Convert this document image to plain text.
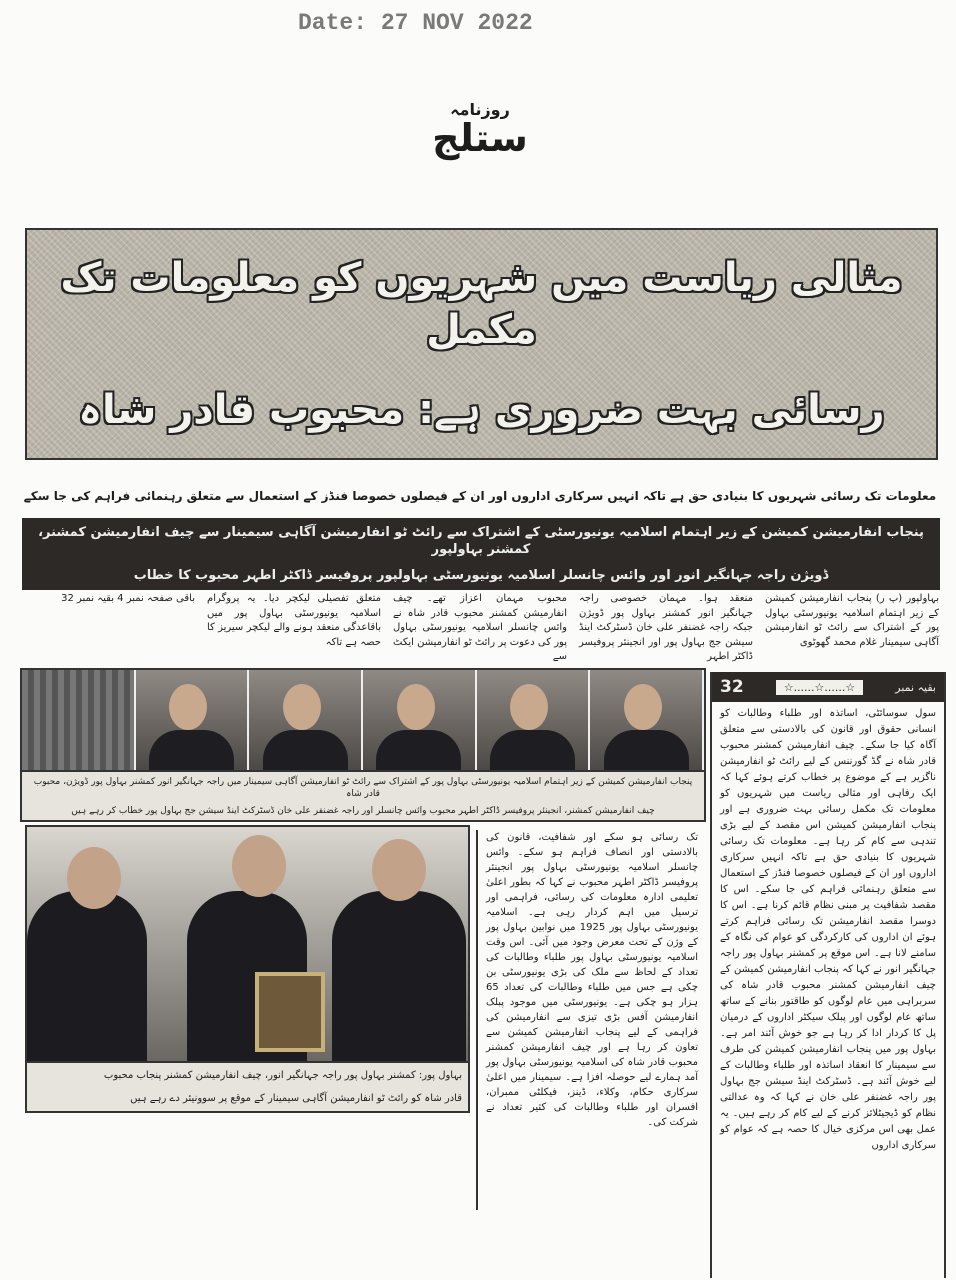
Date: 27 NOV 2022
روزنامہ
ستلج
مثالی ریاست میں شہریوں کو معلومات تک مکمل
رسائی بہت ضروری ہے: محبوب قادر شاہ
معلومات تک رسائی شہریوں کا بنیادی حق ہے تاکہ انہیں سرکاری اداروں اور ان کے فیصلوں خصوصا فنڈز کے استعمال سے متعلق رہنمائی فراہم کی جا سکے
پنجاب انفارمیشن کمیشن کے زیر اہتمام اسلامیہ یونیورسٹی کے اشتراک سے رائٹ ٹو انفارمیشن آگاہی سیمینار سے چیف انفارمیشن کمشنر، کمشنر بہاولپور
ڈویژن راجہ جہانگیر انور اور وائس چانسلر اسلامیہ یونیورسٹی بہاولپور پروفیسر ڈاکٹر اطہر محبوب کا خطاب
بہاولپور (پ ر) پنجاب انفارمیشن کمیشن کے زیر اہتمام اسلامیہ یونیورسٹی بہاول پور کے اشتراک سے رائٹ ٹو انفارمیشن آگاہی سیمینار غلام محمد گھوٹوی
منعقد ہوا۔ مہمان خصوصی راجہ جہانگیر انور کمشنر بہاول پور ڈویژن جبکہ راجہ غضنفر علی خان ڈسٹرکٹ اینڈ سیشن جج بہاول پور اور انجینئر پروفیسر ڈاکٹر اطہر
محبوب مہمان اعزاز تھے۔ چیف انفارمیشن کمشنر محبوب قادر شاہ نے وائس چانسلر اسلامیہ یونیورسٹی بہاول پور کی دعوت پر رائٹ ٹو انفارمیشن ایکٹ سے
متعلق تفصیلی لیکچر دیا۔ یہ پروگرام اسلامیہ یونیورسٹی بہاول پور میں باقاعدگی منعقد ہونے والے لیکچر سیریز کا حصہ ہے تاکہ
باقی صفحہ نمبر 4 بقیہ نمبر 32
پنجاب انفارمیشن کمیشن کے زیر اہتمام اسلامیہ یونیورسٹی بہاول پور کے اشتراک سے رائٹ ٹو انفارمیشن آگاہی سیمینار میں راجہ جہانگیر انور کمشنر بہاول پور ڈویژن، محبوب قادر شاہ
چیف انفارمیشن کمشنر، انجینئر پروفیسر ڈاکٹر اطہر محبوب وائس چانسلر اور راجہ غضنفر علی خان ڈسٹرکٹ اینڈ سیشن جج بہاول پور خطاب کر رہے ہیں
بہاول پور: کمشنر بہاول پور راجہ جہانگیر انور، چیف انفارمیشن کمشنر پنجاب محبوب
قادر شاہ کو رائٹ ٹو انفارمیشن آگاہی سیمینار کے موقع پر سوونیئر دے رہے ہیں
تک رسائی ہو سکے اور شفافیت، قانون کی بالادستی اور انصاف فراہم ہو سکے۔ وائس چانسلر اسلامیہ یونیورسٹی بہاول پور انجینئر پروفیسر ڈاکٹر اطہر محبوب نے کہا کہ بطور اعلیٰ تعلیمی ادارہ معلومات کی رسائی، فراہمی اور ترسیل میں اہم کردار رہی ہے۔ اسلامیہ یونیورسٹی بہاول پور 1925 میں نوابین بہاول پور کے وژن کے تحت معرض وجود میں آئی۔ اس وقت اسلامیہ یونیورسٹی بہاول پور طلباء وطالبات کی تعداد کے لحاظ سے ملک کی بڑی یونیورسٹی بن چکی ہے جس میں طلباء وطالبات کی تعداد 65 ہزار ہو چکی ہے۔ یونیورسٹی میں موجود پبلک انفارمیشن آفس بڑی تیزی سے انفارمیشن کی فراہمی کے لیے پنجاب انفارمیشن کمیشن سے تعاون کر رہا ہے اور چیف انفارمیشن کمشنر محبوب قادر شاہ کی اسلامیہ یونیورسٹی بہاول پور آمد ہمارے لیے حوصلہ افزا ہے۔ سیمینار میں اعلیٰ سرکاری حکام، وکلاء، ڈینز، فیکلٹی ممبران، افسران اور طلباء وطالبات کی کثیر تعداد نے شرکت کی۔
32	☆......☆......☆	بقیہ نمبر
سول سوسائٹی، اساتذہ اور طلباء وطالبات کو انسانی حقوق اور قانون کی بالادستی سے متعلق آگاہ کیا جا سکے۔ چیف انفارمیشن کمشنر محبوب قادر شاہ نے گڈ گورننس کے لیے رائٹ ٹو انفارمیشن ناگزیر ہے کے موضوع پر خطاب کرتے ہوئے کہا کہ ایک رفاہی اور مثالی ریاست میں شہریوں کو معلومات تک مکمل رسائی بہت ضروری ہے اور پنجاب انفارمیشن کمیشن اس مقصد کے لیے بڑی تندہی سے کام کر رہا ہے۔ معلومات تک رسائی شہریوں کا بنیادی حق ہے تاکہ انہیں سرکاری اداروں اور ان کے فیصلوں خصوصا فنڈز کے استعمال سے متعلق رہنمائی فراہم کی جا سکے۔ اس کا مقصد شفافیت پر مبنی نظام قائم کرنا ہے۔ اس کا دوسرا مقصد انفارمیشن تک رسائی فراہم کرتے ہوئے ان اداروں کی کارکردگی کو عوام کی نگاہ کے سامنے لانا ہے۔ اس موقع پر کمشنر بہاول پور راجہ جہانگیر انور نے کہا کہ پنجاب انفارمیشن کمیشن کے چیف انفارمیشن کمشنر محبوب قادر شاہ کی سربراہی میں عام لوگوں کو طاقتور بنانے کے ساتھ ساتھ عام لوگوں اور پبلک سیکٹر اداروں کے درمیان پل کا کردار ادا کر رہا ہے جو خوش آئند امر ہے۔ بہاول پور میں پنجاب انفارمیشن کمیشن کی طرف سے سیمینار کا انعقاد اساتذہ اور طلباء وطالبات کے لیے خوش آئند ہے۔ ڈسٹرکٹ اینڈ سیشن جج بہاول پور راجہ غضنفر علی خان نے کہا کہ وہ عدالتی نظام کو ڈیجیٹلائز کرنے کے لیے کام کر رہے ہیں۔ یہ عمل بھی اس مرکزی خیال کا حصہ ہے کہ عوام کو سرکاری اداروں
